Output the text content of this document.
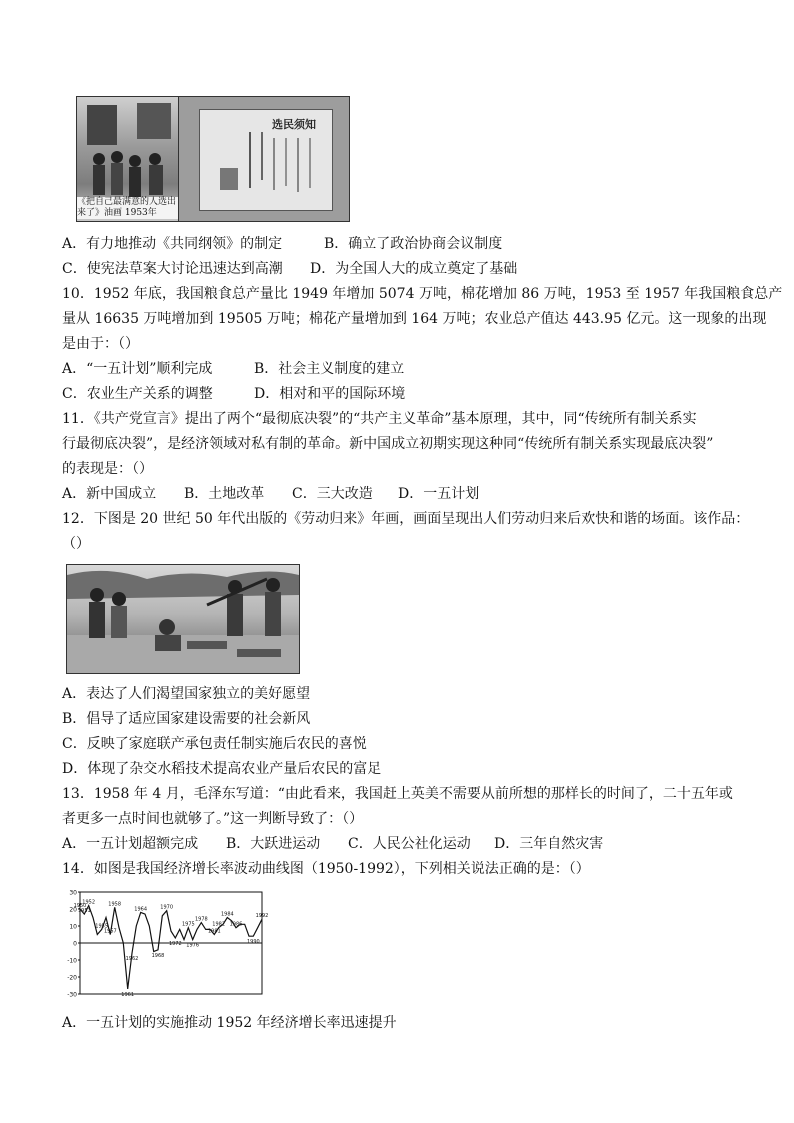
《把自己最满意的人选出来了》油画 1953年
选民须知
A．有力地推动《共同纲领》的制定	B．确立了政治协商会议制度
C．使宪法草案大讨论迅速达到高潮 D．为全国人大的成立奠定了基础
10．1952 年底，我国粮食总产量比 1949 年增加 5074 万吨，棉花增加 86 万吨，1953 至 1957 年我国粮食总产
量从 16635 万吨增加到 19505 万吨；棉花产量增加到 164 万吨；农业总产值达 443.95 亿元。这一现象的出现
是由于：（）
A．“一五计划”顺利完成	B．社会主义制度的建立
C．农业生产关系的调整	D．相对和平的国际环境
11．《共产党宣言》提出了两个“最彻底决裂”的“共产主义革命”基本原理，其中，同“传统所有制关系实
行最彻底决裂”，是经济领域对私有制的革命。新中国成立初期实现这种同“传统所有制关系实现最底决裂”
的表现是：（）
A．新中国成立 B．土地改革 C．三大改造 D．一五计划
12．下图是 20 世纪 50 年代出版的《劳动归来》年画，画面呈现出人们劳动归来后欢快和谐的场面。该作品：
（）
A．表达了人们渴望国家独立的美好愿望
B．倡导了适应国家建设需要的社会新风
C．反映了家庭联产承包责任制实施后农民的喜悦
D．体现了杂交水稻技术提高农业产量后农民的富足
13．1958 年 4 月，毛泽东写道：“由此看来，我国赶上英美不需要从前所想的那样长的时间了，二十五年或
者更多一点时间也就够了。”这一判断导致了：（）
A．一五计划超额完成 B．大跃进运动 C．人民公社化运动 D．三年自然灾害
14．如图是我国经济增长率波动曲线图（1950-1992），下列相关说法正确的是：（）
30
20
10
0
-10
-20
-30
1950
1951
1952
1955
1957
1958
1961
1962
1964
1968
1970
1972
1975
1976
1978
1981
1982
1984
1986
1990
1992
A．一五计划的实施推动 1952 年经济增长率迅速提升
